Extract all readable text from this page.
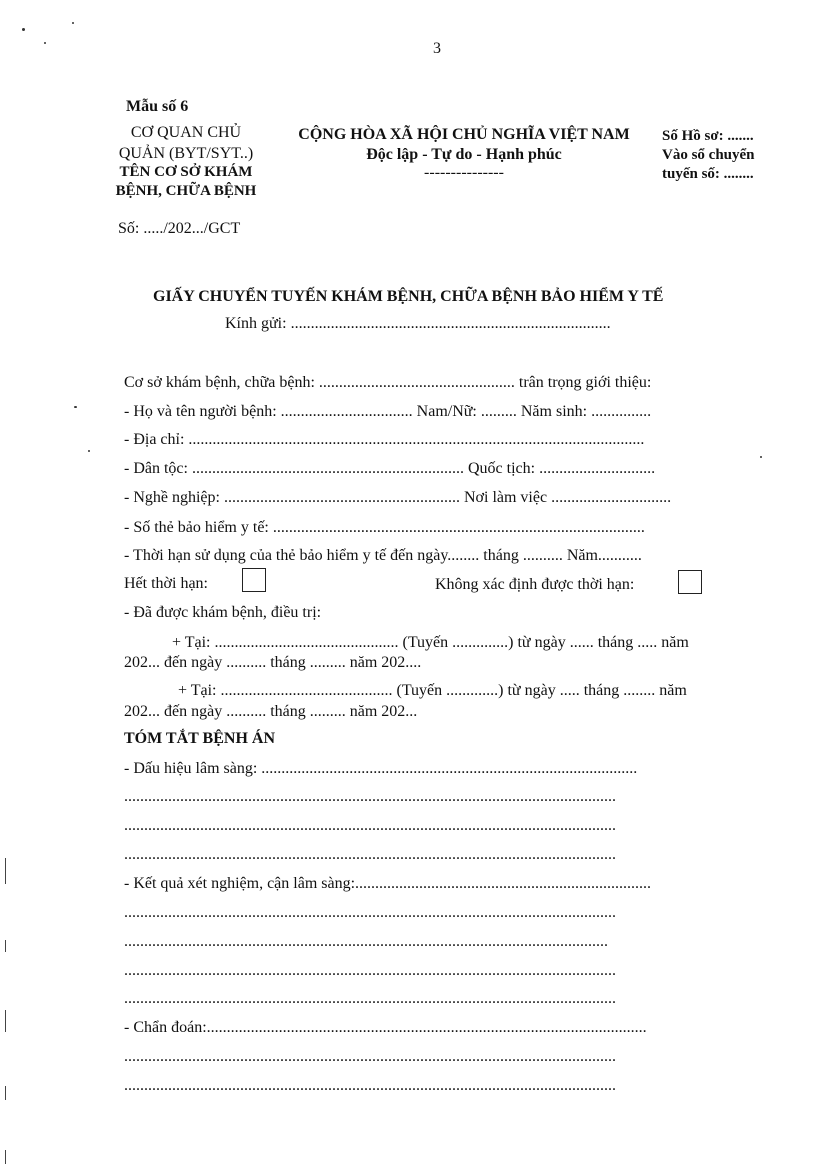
3
Mẫu số 6
CƠ QUAN CHỦ
QUẢN (BYT/SYT..)
TÊN CƠ SỞ KHÁM
BỆNH, CHỮA BỆNH
Số: ...../202.../GCT
CỘNG HÒA XÃ HỘI CHỦ NGHĨA VIỆT NAM
Độc lập - Tự do - Hạnh phúc
---------------
Số Hồ sơ: .......
Vào sổ chuyển
tuyến số: ........
GIẤY CHUYỂN TUYẾN KHÁM BỆNH, CHỮA BỆNH BẢO HIỂM Y TẾ
Kính gửi: ................................................................................
Cơ sở khám bệnh, chữa bệnh: ................................................. trân trọng giới thiệu:
- Họ và tên người bệnh: ................................. Nam/Nữ: ......... Năm sinh: ...............
- Địa chỉ: ..................................................................................................................
- Dân tộc: .................................................................... Quốc tịch: .............................
- Nghề nghiệp: ........................................................... Nơi làm việc ..............................
- Số thẻ bảo hiểm y tế: .............................................................................................
- Thời hạn sử dụng của thẻ bảo hiểm y tế đến ngày........ tháng .......... Năm...........
Hết thời hạn:	Không xác định được thời hạn:
- Đã được khám bệnh, điều trị:
+ Tại: .............................................. (Tuyến ..............) từ ngày ...... tháng ..... năm
202... đến ngày .......... tháng ......... năm 202....
+ Tại: ........................................... (Tuyến .............) từ ngày ..... tháng ........ năm
202... đến ngày .......... tháng ......... năm 202...
TÓM TẮT BỆNH ÁN
- Dấu hiệu lâm sàng: ..............................................................................................
...........................................................................................................................
...........................................................................................................................
...........................................................................................................................
- Kết quả xét nghiệm, cận lâm sàng:..........................................................................
...........................................................................................................................
.........................................................................................................................
...........................................................................................................................
...........................................................................................................................
- Chẩn đoán:..............................................................................................................
...........................................................................................................................
...........................................................................................................................
